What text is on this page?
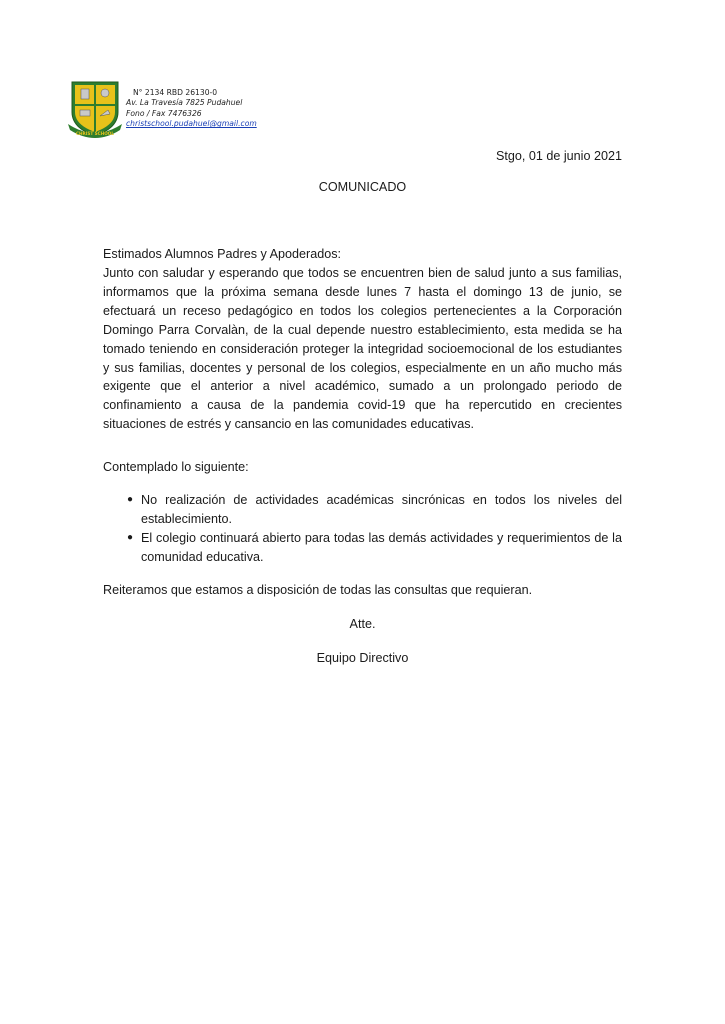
CHRIST SCHOOL
N° 2134 RBD 26130-0
Av. La Travesía 7825 Pudahuel
Fono / Fax 7476326
christschool.pudahuel@gmail.com
Stgo, 01 de junio 2021
COMUNICADO

Estimados Alumnos Padres y Apoderados:

Junto con saludar y esperando que todos se encuentren bien de salud junto a sus familias, informamos que la próxima semana desde lunes 7 hasta el domingo 13 de junio, se efectuará un receso pedagógico en todos los colegios pertenecientes a la Corporación Domingo Parra Corvalàn, de la cual depende nuestro establecimiento, esta medida se ha tomado teniendo en consideración proteger la integridad socioemocional de los estudiantes y sus familias, docentes y personal de los colegios, especialmente en un año mucho más exigente que el anterior a nivel académico, sumado a un prolongado periodo de confinamiento a causa de la pandemia covid-19 que ha repercutido en crecientes situaciones de estrés y cansancio en las comunidades educativas.

Contemplado lo siguiente:

● No realización de actividades académicas sincrónicas en todos los niveles del establecimiento.
● El colegio continuará abierto para todas las demás actividades y requerimientos de la comunidad educativa.

Reiteramos que estamos a disposición de todas las consultas que requieran.

Atte.
Equipo Directivo
